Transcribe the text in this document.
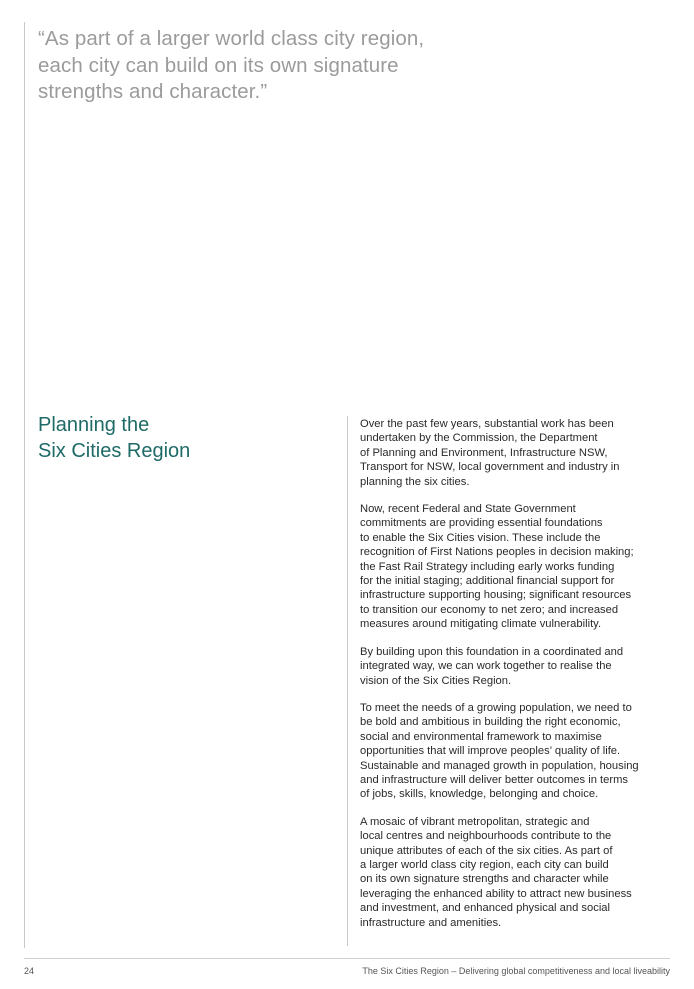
“As part of a larger world class city region,
each city can build on its own signature
strengths and character.”
Planning the
Six Cities Region

Over the past few years, substantial work has been
undertaken by the Commission, the Department
of Planning and Environment, Infrastructure NSW,
Transport for NSW, local government and industry in
planning the six cities.

Now, recent Federal and State Government
commitments are providing essential foundations
to enable the Six Cities vision. These include the
recognition of First Nations peoples in decision making;
the Fast Rail Strategy including early works funding
for the initial staging; additional financial support for
infrastructure supporting housing; significant resources
to transition our economy to net zero; and increased
measures around mitigating climate vulnerability.

By building upon this foundation in a coordinated and
integrated way, we can work together to realise the
vision of the Six Cities Region.

To meet the needs of a growing population, we need to
be bold and ambitious in building the right economic,
social and environmental framework to maximise
opportunities that will improve peoples’ quality of life.
Sustainable and managed growth in population, housing
and infrastructure will deliver better outcomes in terms
of jobs, skills, knowledge, belonging and choice.

A mosaic of vibrant metropolitan, strategic and
local centres and neighbourhoods contribute to the
unique attributes of each of the six cities. As part of
a larger world class city region, each city can build
on its own signature strengths and character while
leveraging the enhanced ability to attract new business
and investment, and enhanced physical and social
infrastructure and amenities.

24	The Six Cities Region – Delivering global competitiveness and local liveability
